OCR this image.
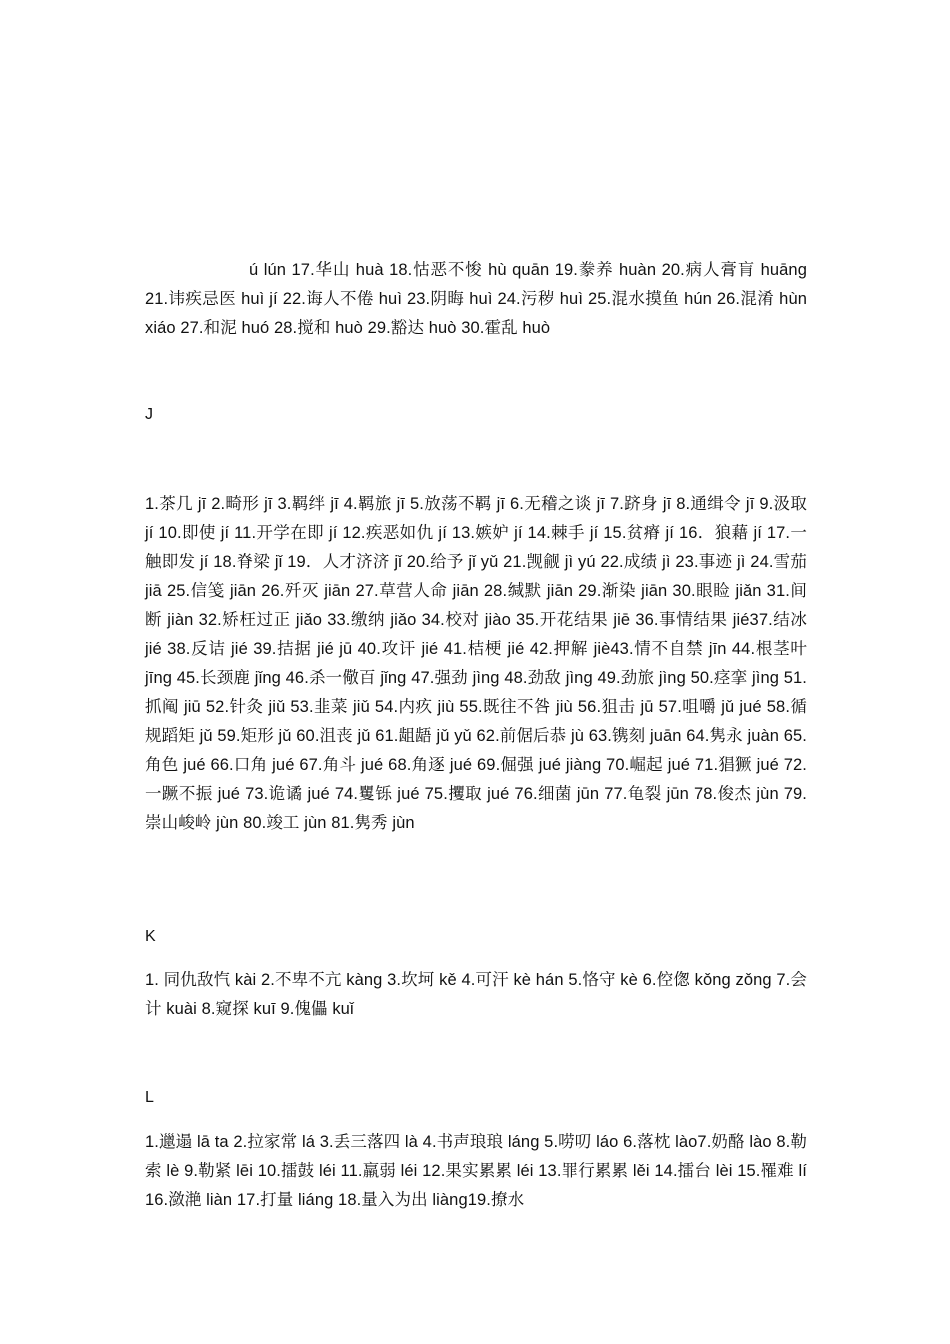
ú lún 17.华山 huà 18.怙恶不悛 hù quān 19.豢养 huàn 20.病人膏肓 huāng 21.讳疾忌医 huì jí 22.诲人不倦 huì 23.阴晦 huì 24.污秽 huì 25.混水摸鱼 hún 26.混淆 hùn xiáo 27.和泥 huó 28.搅和 huò 29.豁达 huò 30.霍乱 huò

J

1.茶几 jī 2.畸形 jī 3.羁绊 jī 4.羁旅 jī 5.放荡不羁 jī 6.无稽之谈 jī 7.跻身 jī 8.通缉令 jī 9.汲取 jí 10.即使 jí 11.开学在即 jí 12.疾恶如仇 jí 13.嫉妒 jí 14.棘手 jí 15.贫瘠 jí 16．狼藉 jí 17.一触即发 jí 18.脊梁 jǐ 19．人才济济 jǐ 20.给予 jǐ yǔ 21.觊觎 jì yú 22.成绩 jì 23.事迹 jì 24.雪茄 jiā 25.信笺 jiān 26.歼灭 jiān 27.草营人命 jiān 28.缄默 jiān 29.渐染 jiān 30.眼睑 jiǎn 31.间断 jiàn 32.矫枉过正 jiǎo 33.缴纳 jiǎo 34.校对 jiào 35.开花结果 jiē 36.事情结果 jié37.结冰 jié 38.反诘 jié 39.拮据 jié jū 40.攻讦 jié 41.桔梗 jié 42.押解 jiè43.情不自禁 jīn 44.根茎叶 jīng 45.长颈鹿 jǐng 46.杀一儆百 jǐng 47.强劲 jìng 48.劲敌 jìng 49.劲旅 jìng 50.痉挛 jìng 51.抓阄 jiū 52.针灸 jiǔ 53.韭菜 jiǔ 54.内疚 jiù 55.既往不咎 jiù 56.狙击 jū 57.咀嚼 jǔ jué 58.循规蹈矩 jǔ 59.矩形 jǔ 60.沮丧 jǔ 61.龃龉 jǔ yǔ 62.前倨后恭 jù 63.镌刻 juān 64.隽永 juàn 65.角色 jué 66.口角 jué 67.角斗 jué 68.角逐 jué 69.倔强 jué jiàng 70.崛起 jué 71.猖獗 jué 72.一蹶不振 jué 73.诡谲 jué 74.矍铄 jué 75.攫取 jué 76.细菌 jūn 77.龟裂 jūn 78.俊杰 jùn 79.崇山峻岭 jùn 80.竣工 jùn 81.隽秀 jùn

K

1. 同仇敌忾 kài 2.不卑不亢 kàng 3.坎坷 kě 4.可汗 kè hán 5.恪守 kè 6.倥偬 kǒng zǒng 7.会计 kuài 8.窥探 kuī 9.傀儡 kuǐ

L

1.邋遢 lā ta 2.拉家常 lá 3.丢三落四 là 4.书声琅琅 láng 5.唠叨 láo 6.落枕 lào7.奶酪 lào 8.勒索 lè 9.勒紧 lēi 10.擂鼓 léi 11.羸弱 léi 12.果实累累 léi 13.罪行累累 lěi 14.擂台 lèi 15.罹难 lí 16.潋滟 liàn 17.打量 liáng 18.量入为出 liàng19.撩水
